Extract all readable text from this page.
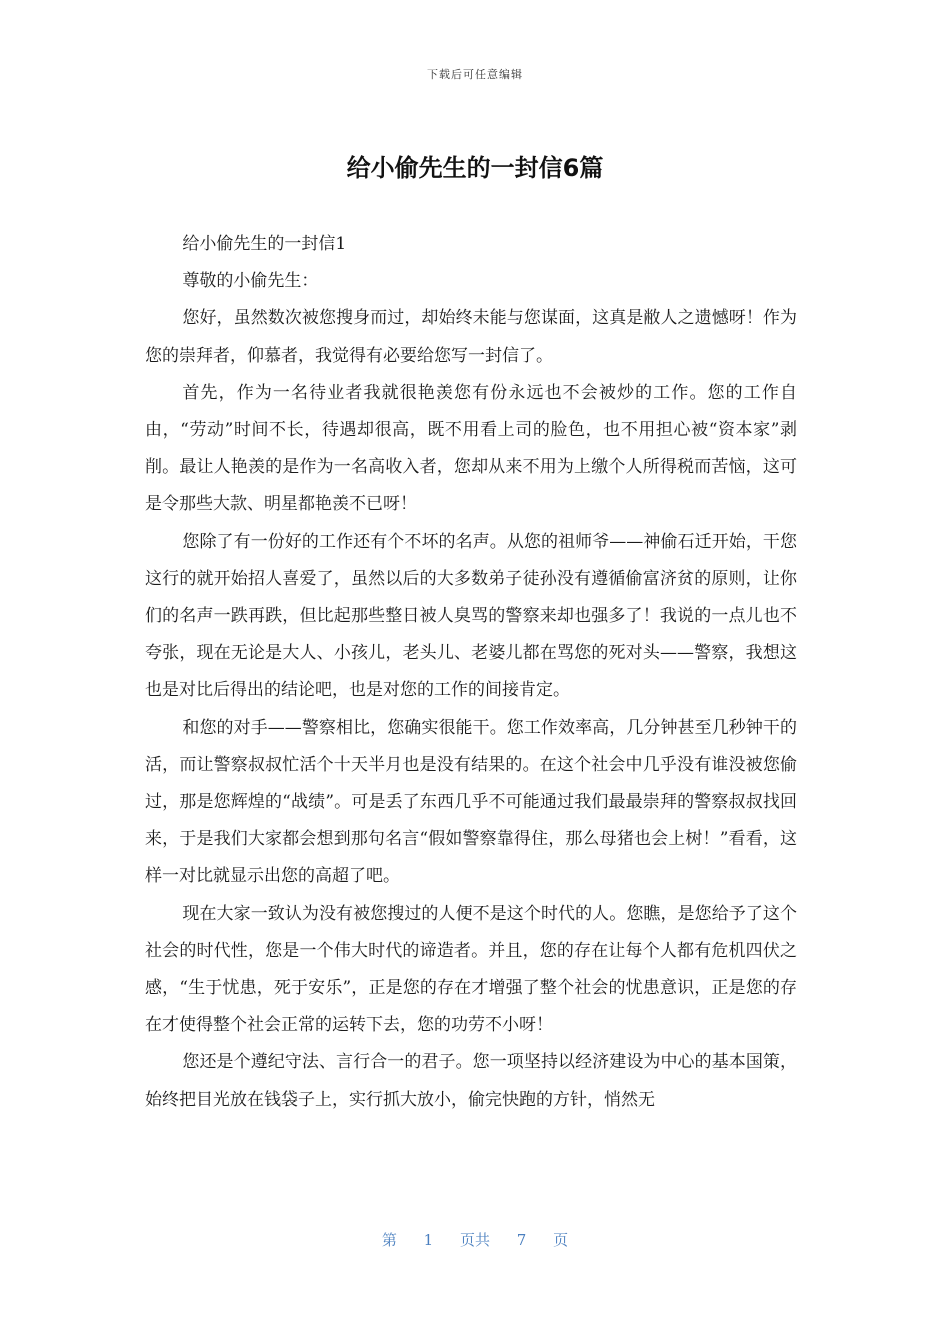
下载后可任意编辑
给小偷先生的一封信6篇

给小偷先生的一封信1

尊敬的小偷先生：

您好，虽然数次被您搜身而过，却始终未能与您谋面，这真是敝人之遗憾呀！作为您的崇拜者，仰慕者，我觉得有必要给您写一封信了。

首先，作为一名待业者我就很艳羡您有份永远也不会被炒的工作。您的工作自由，“劳动”时间不长，待遇却很高，既不用看上司的脸色，也不用担心被“资本家”剥削。最让人艳羡的是作为一名高收入者，您却从来不用为上缴个人所得税而苦恼，这可是令那些大款、明星都艳羡不已呀！

您除了有一份好的工作还有个不坏的名声。从您的祖师爷——神偷石迁开始，干您这行的就开始招人喜爱了，虽然以后的大多数弟子徒孙没有遵循偷富济贫的原则，让你们的名声一跌再跌，但比起那些整日被人臭骂的警察来却也强多了！我说的一点儿也不夸张，现在无论是大人、小孩儿，老头儿、老婆儿都在骂您的死对头——警察，我想这也是对比后得出的结论吧，也是对您的工作的间接肯定。

和您的对手——警察相比，您确实很能干。您工作效率高，几分钟甚至几秒钟干的活，而让警察叔叔忙活个十天半月也是没有结果的。在这个社会中几乎没有谁没被您偷过，那是您辉煌的“战绩”。可是丢了东西几乎不可能通过我们最最崇拜的警察叔叔找回来，于是我们大家都会想到那句名言“假如警察靠得住，那么母猪也会上树！”看看，这样一对比就显示出您的高超了吧。

现在大家一致认为没有被您搜过的人便不是这个时代的人。您瞧，是您给予了这个社会的时代性，您是一个伟大时代的谛造者。并且，您的存在让每个人都有危机四伏之感，“生于忧患，死于安乐”，正是您的存在才增强了整个社会的忧患意识，正是您的存在才使得整个社会正常的运转下去，您的功劳不小呀！

您还是个遵纪守法、言行合一的君子。您一项坚持以经济建设为中心的基本国策，始终把目光放在钱袋子上，实行抓大放小，偷完快跑的方针，悄然无

第 1 页共 7 页
